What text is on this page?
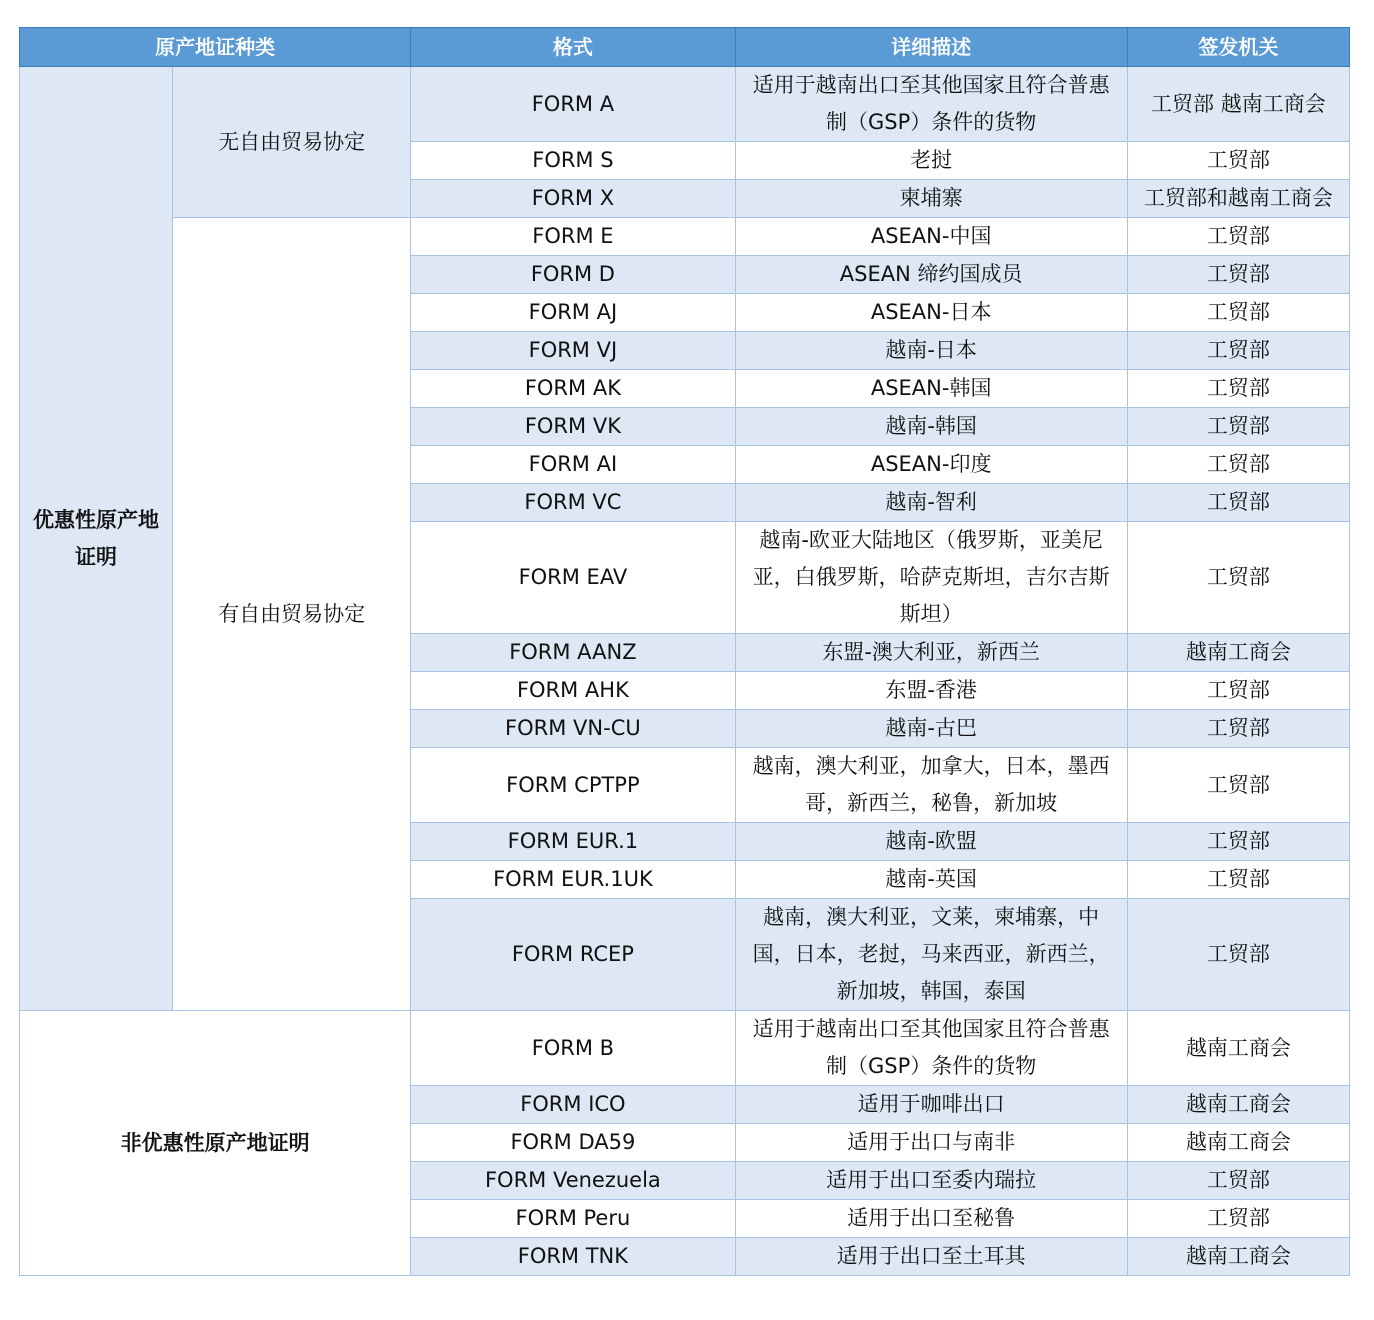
原产地证种类		格式	详细描述	签发机关
优惠性原产地证明	无自由贸易协定	FORM A	适用于越南出口至其他国家且符合普惠制（GSP）条件的货物	工贸部 越南工商会
		FORM S	老挝	工贸部
		FORM X	柬埔寨	工贸部和越南工商会
	有自由贸易协定	FORM E	ASEAN-中国	工贸部
		FORM D	ASEAN 缔约国成员	工贸部
		FORM AJ	ASEAN-日本	工贸部
		FORM VJ	越南-日本	工贸部
		FORM AK	ASEAN-韩国	工贸部
		FORM VK	越南-韩国	工贸部
		FORM AI	ASEAN-印度	工贸部
		FORM VC	越南-智利	工贸部
		FORM EAV	越南-欧亚大陆地区（俄罗斯，亚美尼亚，白俄罗斯，哈萨克斯坦，吉尔吉斯斯坦）	工贸部
		FORM AANZ	东盟-澳大利亚，新西兰	越南工商会
		FORM AHK	东盟-香港	工贸部
		FORM VN-CU	越南-古巴	工贸部
		FORM CPTPP	越南，澳大利亚，加拿大，日本，墨西哥，新西兰，秘鲁，新加坡	工贸部
		FORM EUR.1	越南-欧盟	工贸部
		FORM EUR.1UK	越南-英国	工贸部
		FORM RCEP	越南，澳大利亚，文莱，柬埔寨，中国，日本，老挝，马来西亚，新西兰，新加坡，韩国，泰国	工贸部
非优惠性原产地证明		FORM B	适用于越南出口至其他国家且符合普惠制（GSP）条件的货物	越南工商会
		FORM ICO	适用于咖啡出口	越南工商会
		FORM DA59	适用于出口与南非	越南工商会
		FORM Venezuela	适用于出口至委内瑞拉	工贸部
		FORM Peru	适用于出口至秘鲁	工贸部
		FORM TNK	适用于出口至土耳其	越南工商会
